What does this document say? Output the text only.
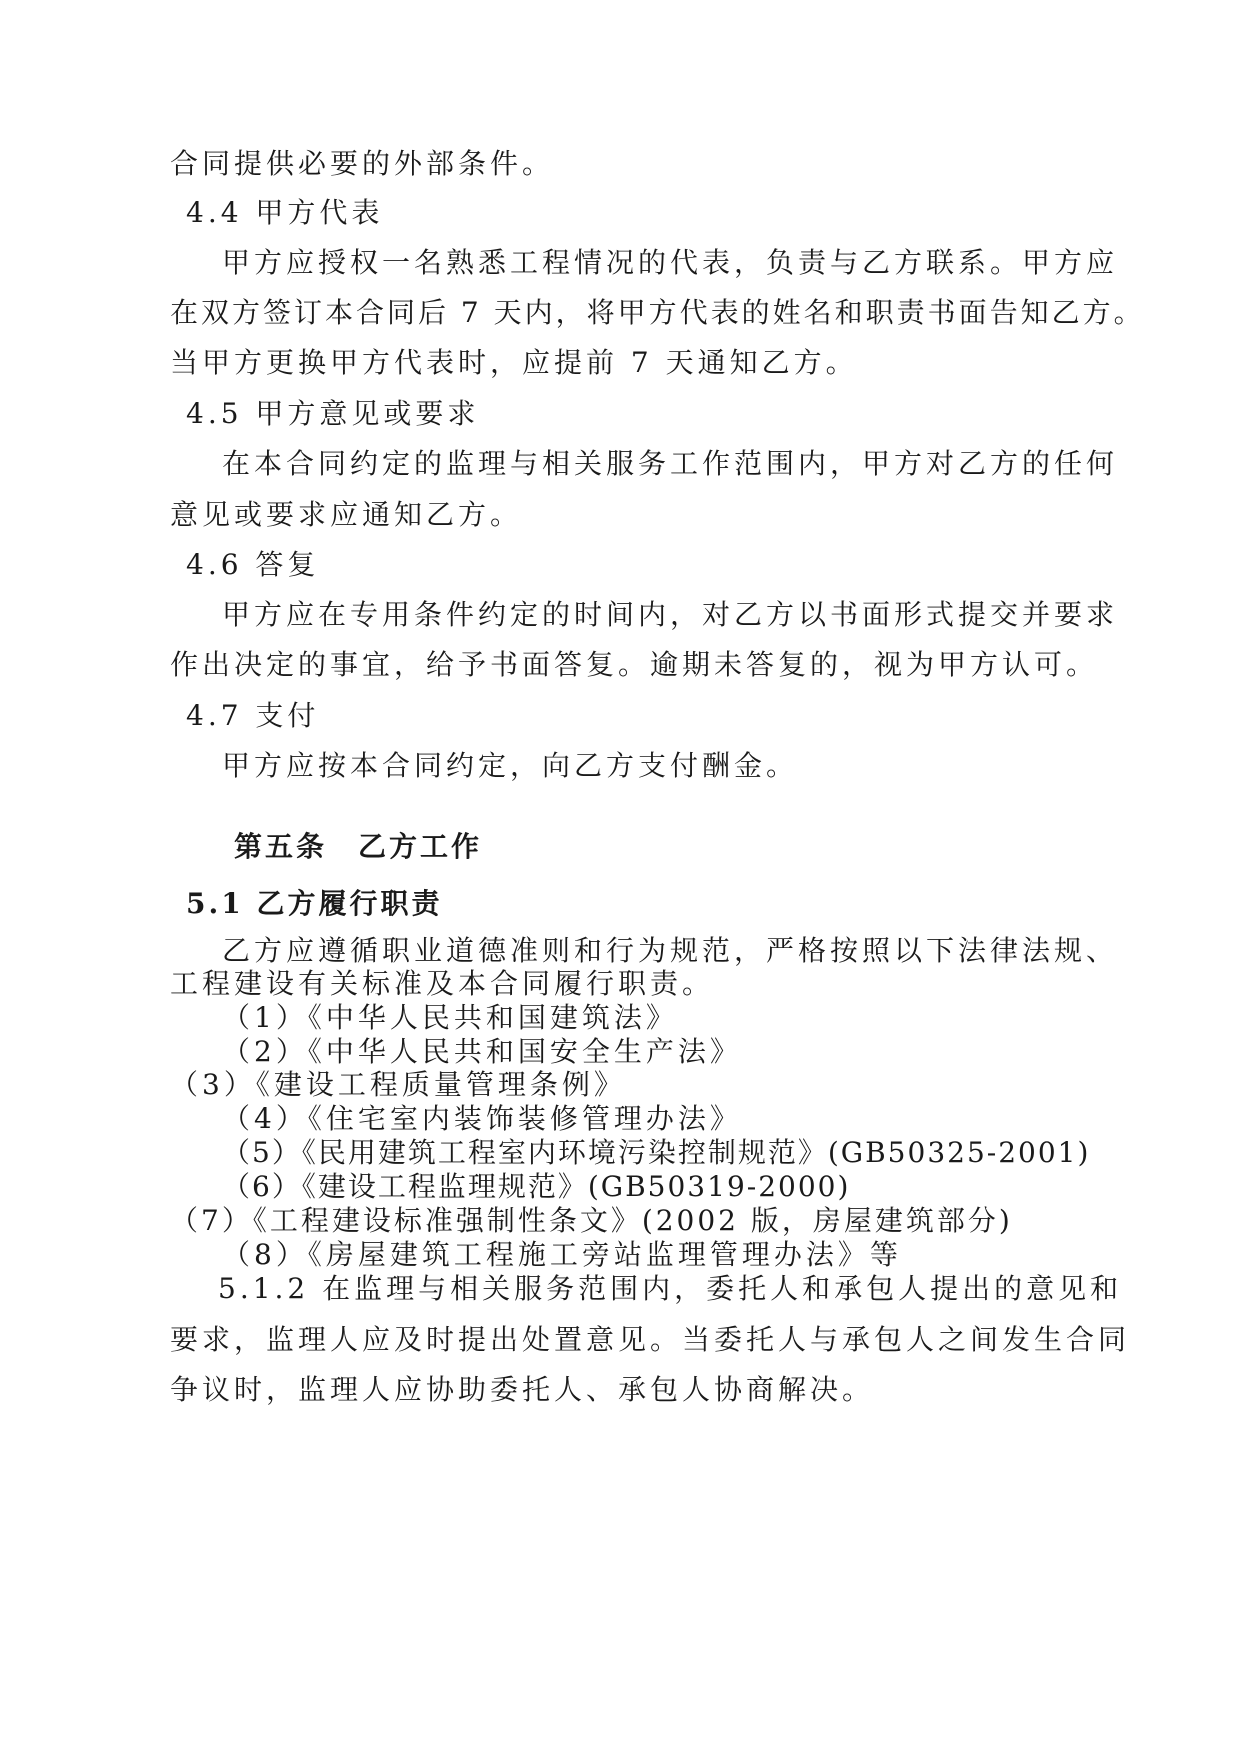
合同提供必要的外部条件。
4.4 甲方代表
甲方应授权一名熟悉工程情况的代表，负责与乙方联系。甲方应
在双方签订本合同后 7 天内，将甲方代表的姓名和职责书面告知乙方。
当甲方更换甲方代表时，应提前 7 天通知乙方。
4.5 甲方意见或要求
在本合同约定的监理与相关服务工作范围内，甲方对乙方的任何
意见或要求应通知乙方。
4.6 答复
甲方应在专用条件约定的时间内，对乙方以书面形式提交并要求
作出决定的事宜，给予书面答复。逾期未答复的，视为甲方认可。
4.7 支付
甲方应按本合同约定，向乙方支付酬金。
第五条　乙方工作
5.1 乙方履行职责
乙方应遵循职业道德准则和行为规范，严格按照以下法律法规、
工程建设有关标准及本合同履行职责。
（1）《中华人民共和国建筑法》
（2）《中华人民共和国安全生产法》
（3）《建设工程质量管理条例》
（4）《住宅室内装饰装修管理办法》
（5）《民用建筑工程室内环境污染控制规范》(GB50325-2001)
（6）《建设工程监理规范》(GB50319-2000)
（7）《工程建设标准强制性条文》(2002 版，房屋建筑部分)
（8）《房屋建筑工程施工旁站监理管理办法》等
5.1.2 在监理与相关服务范围内，委托人和承包人提出的意见和
要求，监理人应及时提出处置意见。当委托人与承包人之间发生合同
争议时，监理人应协助委托人、承包人协商解决。
